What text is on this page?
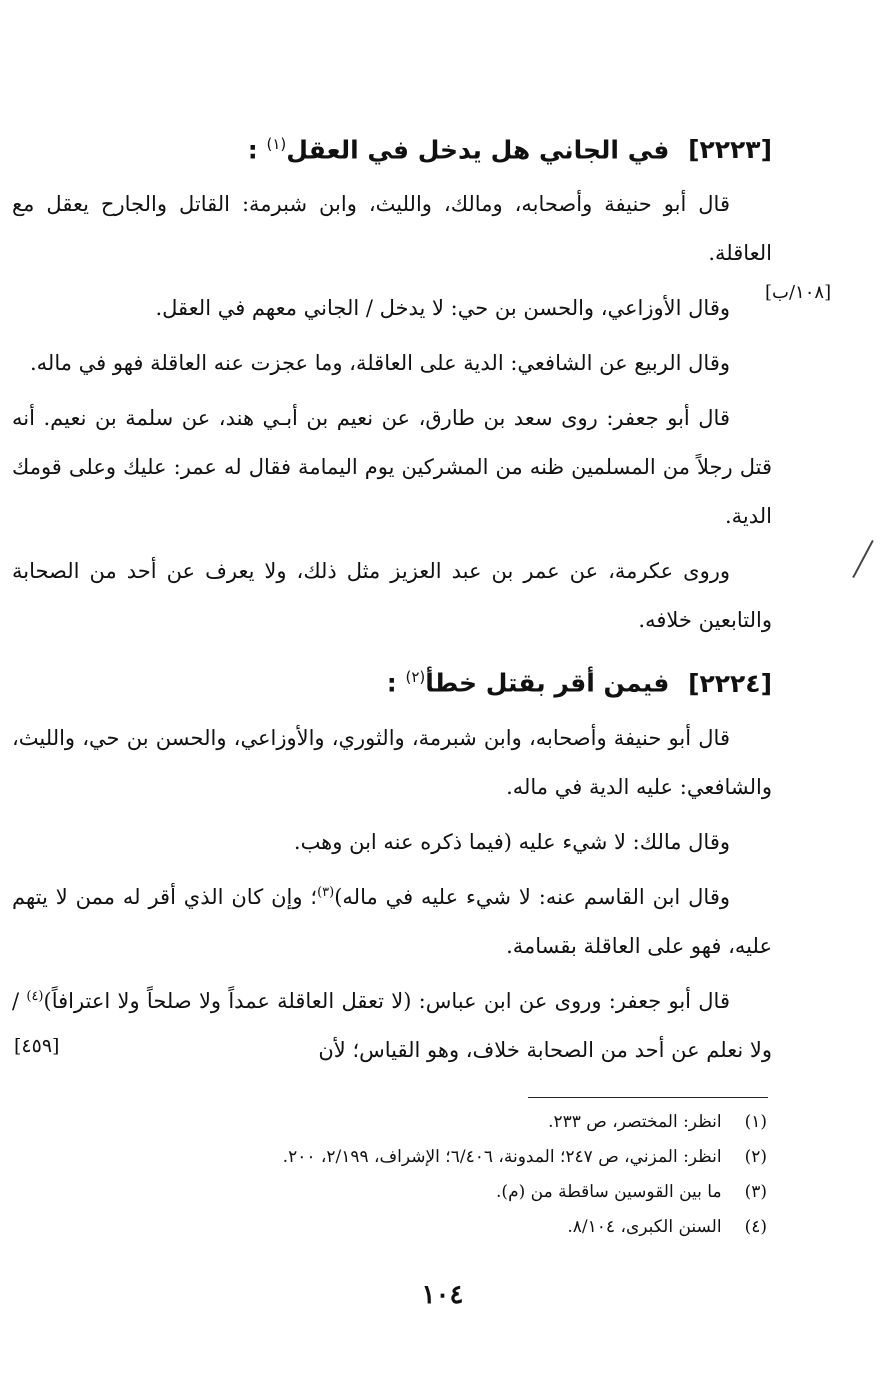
[١٠٨/ب]
[٤٥٩]
[٢٢٢٣] في الجاني هل يدخل في العقل$^{(١)}$ :

قال أبو حنيفة وأصحابه، ومالك، والليث، وابن شبرمة: القاتل والجارح يعقل مع العاقلة.

وقال الأوزاعي، والحسن بن حي: لا يدخل / الجاني معهم في العقل.

وقال الربيع عن الشافعي: الدية على العاقلة، وما عجزت عنه العاقلة فهو في ماله.

قال أبو جعفر: روى سعد بن طارق، عن نعيم بن أبـي هند، عن سلمة بن نعيم. أنه قتل رجلاً من المسلمين ظنه من المشركين يوم اليمامة فقال له عمر: عليك وعلى قومك الدية.

وروى عكرمة، عن عمر بن عبد العزيز مثل ذلك، ولا يعرف عن أحد من الصحابة والتابعين خلافه.

[٢٢٢٤] فيمن أقر بقتل خطأ$^{(٢)}$ :

قال أبو حنيفة وأصحابه، وابن شبرمة، والثوري، والأوزاعي، والحسن بن حي، والليث، والشافعي: عليه الدية في ماله.

وقال مالك: لا شيء عليه (فيما ذكره عنه ابن وهب.

وقال ابن القاسم عنه: لا شيء عليه في ماله)$^{(٣)}$؛ وإن كان الذي أقر له ممن لا يتهم عليه، فهو على العاقلة بقسامة.

قال أبو جعفر: وروى عن ابن عباس: (لا تعقل العاقلة عمداً ولا صلحاً ولا اعترافاً)$^{(٤)}$ / ولا نعلم عن أحد من الصحابة خلاف، وهو القياس؛ لأن

(١) انظر: المختصر، ص ٢٣٣.
(٢) انظر: المزني، ص ٢٤٧؛ المدونة، ٦/٤٠٦؛ الإشراف، ٢/١٩٩، ٢٠٠.
(٣) ما بين القوسين ساقطة من (م).
(٤) السنن الكبرى، ٨/١٠٤.
١٠٤
